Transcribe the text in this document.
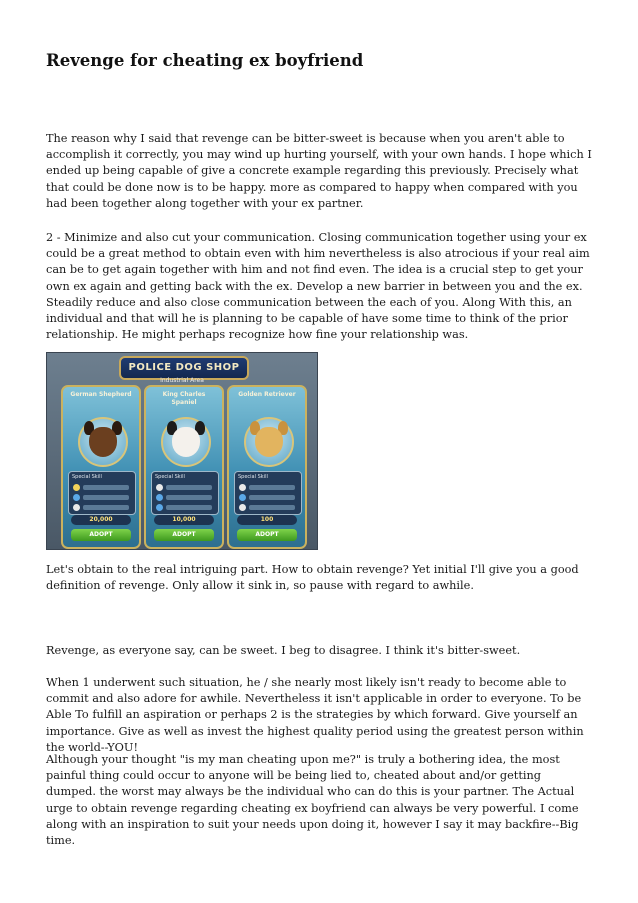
Revenge for cheating ex boyfriend

The reason why I said that revenge can be bitter-sweet is because when you aren't able to accomplish it correctly, you may wind up hurting yourself, with your own hands. I hope which I ended up being capable of give a concrete example regarding this previously. Precisely what that could be done now is to be happy. more as compared to happy when compared with you had been together along together with your ex partner.

2 - Minimize and also cut your communication. Closing communication together using your ex could be a great method to obtain even with him nevertheless is also atrocious if your real aim can be to get again together with him and not find even. The idea is a crucial step to get your own ex again and getting back with the ex. Develop a new barrier in between you and the ex. Steadily reduce and also close communication between the each of you. Along With this, an individual and that will he is planning to be capable of have some time to think of the prior relationship. He might perhaps recognize how fine your relationship was.

POLICE DOG SHOP
Industrial Area
German Shepherd
Special Skill
20,000
ADOPT
King Charles Spaniel
Special Skill
10,000
ADOPT
Golden Retriever
Special Skill
100
ADOPT

Let's obtain to the real intriguing part. How to obtain revenge? Yet initial I'll give you a good definition of revenge. Only allow it sink in, so pause with regard to awhile.

Revenge, as everyone say, can be sweet. I beg to disagree. I think it's bitter-sweet.

When 1 underwent such situation, he / she nearly most likely isn't ready to become able to commit and also adore for awhile. Nevertheless it isn't applicable in order to everyone. To be Able To fulfill an aspiration or perhaps 2 is the strategies by which forward. Give yourself an importance. Give as well as invest the highest quality period using the greatest person within the world--YOU!

Although your thought "is my man cheating upon me?" is truly a bothering idea, the most painful thing could occur to anyone will be being lied to, cheated about and/or getting dumped. the worst may always be the individual who can do this is your partner. The Actual urge to obtain revenge regarding cheating ex boyfriend can always be very powerful. I come along with an inspiration to suit your needs upon doing it, however I say it may backfire--Big time.
